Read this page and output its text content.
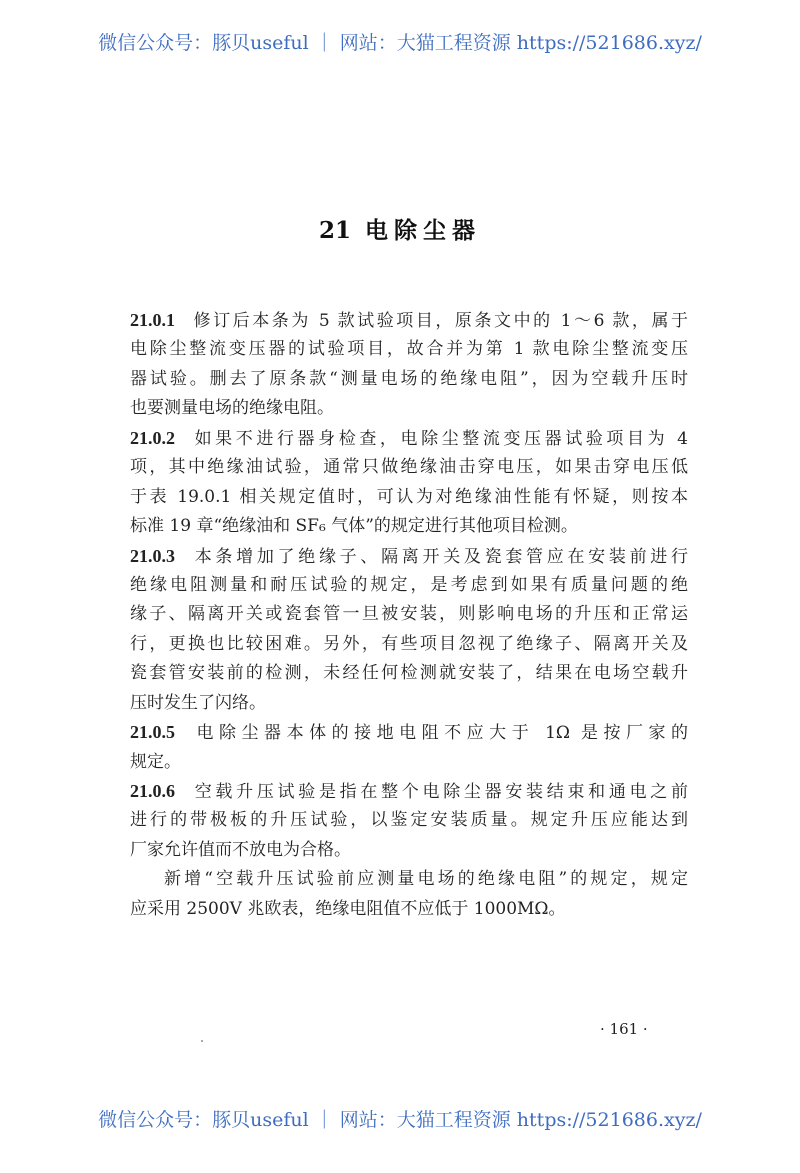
微信公众号：豚贝useful ｜ 网站：大猫工程资源 https://521686.xyz/
21 电除尘器
21.0.1 修订后本条为 5 款试验项目，原条文中的 1～6 款，属于
电除尘整流变压器的试验项目，故合并为第 1 款电除尘整流变压
器试验。删去了原条款“测量电场的绝缘电阻”，因为空载升压时
也要测量电场的绝缘电阻。
21.0.2 如果不进行器身检查，电除尘整流变压器试验项目为 4
项，其中绝缘油试验，通常只做绝缘油击穿电压，如果击穿电压低
于表 19.0.1 相关规定值时，可认为对绝缘油性能有怀疑，则按本
标准 19 章“绝缘油和 SF₆ 气体”的规定进行其他项目检测。
21.0.3 本条增加了绝缘子、隔离开关及瓷套管应在安装前进行
绝缘电阻测量和耐压试验的规定，是考虑到如果有质量问题的绝
缘子、隔离开关或瓷套管一旦被安装，则影响电场的升压和正常运
行，更换也比较困难。另外，有些项目忽视了绝缘子、隔离开关及
瓷套管安装前的检测，未经任何检测就安装了，结果在电场空载升
压时发生了闪络。
21.0.5 电除尘器本体的接地电阻不应大于 1Ω 是按厂家的
规定。
21.0.6 空载升压试验是指在整个电除尘器安装结束和通电之前
进行的带极板的升压试验，以鉴定安装质量。规定升压应能达到
厂家允许值而不放电为合格。
新增“空载升压试验前应测量电场的绝缘电阻”的规定，规定
应采用 2500V 兆欧表，绝缘电阻值不应低于 1000MΩ。
· 161 ·
微信公众号：豚贝useful ｜ 网站：大猫工程资源 https://521686.xyz/
